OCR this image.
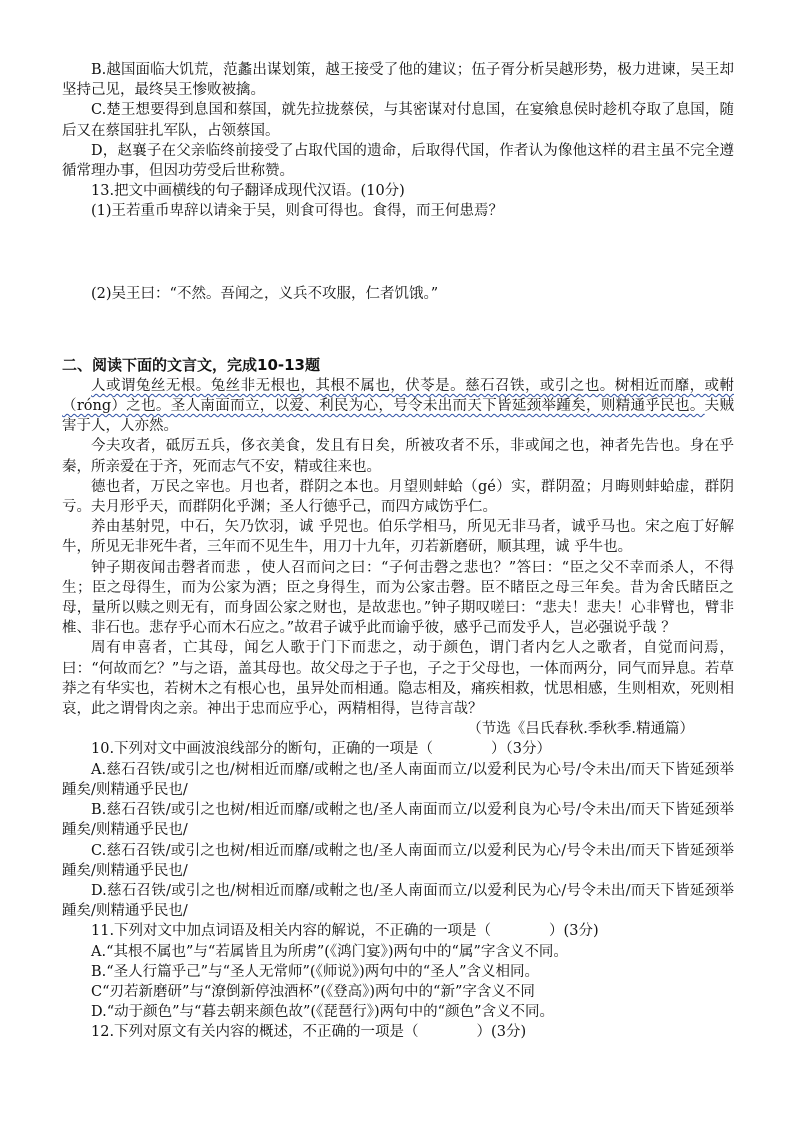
B.越国面临大饥荒，范蠡出谋划策，越王接受了他的建议；伍子胥分析吴越形势，极力进谏，吴王却坚持己见，最终吴王惨败被擒。

C.楚王想要得到息国和蔡国，就先拉拢蔡侯，与其密谋对付息国，在宴飨息侯时趁机夺取了息国，随后又在蔡国驻扎军队，占领蔡国。

D，赵襄子在父亲临终前接受了占取代国的遗命，后取得代国，作者认为像他这样的君主虽不完全遵循常理办事，但因功劳受后世称赞。

13.把文中画横线的句子翻译成现代汉语。(10分)

(1)王若重币卑辞以请籴于吴，则食可得也。食得，而王何患焉？

(2)吴王曰：“不然。吾闻之，义兵不攻服，仁者饥饿。”

二、阅读下面的文言文，完成10-13题

人或谓兔丝无根。兔丝非无根也，其根不属也，伏苓是。慈石召铁，或引之也。树相近而靡，或軵（róng）之也。圣人南面而立，以爱、利民为心，号令未出而天下皆延颈举踵矣，则精通乎民也。夫贼害于人，人亦然。

今夫攻者，砥厉五兵，侈衣美食，发且有日矣，所被攻者不乐，非或闻之也，神者先告也。身在乎秦，所亲爱在于齐，死而志气不安，精或往来也。

德也者，万民之宰也。月也者，群阴之本也。月望则蚌蛤（gé）实，群阴盈；月晦则蚌蛤虚，群阴亏。夫月形乎天，而群阴化乎渊；圣人行德乎己，而四方咸饬乎仁。

养由基射兕，中石，矢乃饮羽，诚 乎兕也。伯乐学相马，所见无非马者，诚乎马也。宋之庖丁好解牛，所见无非死牛者，三年而不见生牛，用刀十九年，刃若新磨研，顺其理，诚 乎牛也。

钟子期夜闻击磬者而悲 ，使人召而问之曰：“子何击磬之悲也？”答曰：“臣之父不幸而杀人，不得生；臣之母得生，而为公家为酒；臣之身得生，而为公家击磬。臣不睹臣之母三年矣。昔为舍氏睹臣之母，量所以赎之则无有，而身固公家之财也，是故悲也。”钟子期叹嗟曰：“悲夫！悲夫！心非臂也，臂非椎、非石也。悲存乎心而木石应之。”故君子诚乎此而谕乎彼，感乎己而发乎人，岂必强说乎哉 ？

周有申喜者，亡其母，闻乞人歌于门下而悲之，动于颜色，谓门者内乞人之歌者，自觉而问焉，曰：“何故而乞？”与之语，盖其母也。故父母之于子也，子之于父母也，一体而两分，同气而异息。若草莽之有华实也，若树木之有根心也，虽异处而相通。隐志相及，痛疾相救，忧思相感，生则相欢，死则相哀，此之谓骨肉之亲。神出于忠而应乎心，两精相得，岂待言哉？

（节选《吕氏春秋.季秋季.精通篇）

10.下列对文中画波浪线部分的断句，正确的一项是（　　　　）（3分）

A.慈石召铁/或引之也/树相近而靡/或軵之也/圣人南面而立/以爱利民为心号/令未出/而天下皆延颈举踵矣/则精通乎民也/

B.慈石召铁/或引之也树/相近而靡/或軵之也/圣人南面而立/以爱利良为心号/令未出/而天下皆延颈举踵矣/则精通乎民也/

C.慈石召铁/或引之也树/相近而靡/或軵之也/圣人南面而立/以爱利民为心/号令未出/而天下皆延颈举踵矣/则精通乎民也/

D.慈石召铁/或引之也/树相近而靡/或軵之也/圣人南面而立/以爱利民为心/号令未出/而天下皆延颈举踵矣/则精通乎民也/

11.下列对文中加点词语及相关内容的解说，不正确的一项是（　　　　）(3分)

A.“其根不属也”与“若属皆且为所虏”(《鸿门宴》)两句中的“属”字含义不同。

B.“圣人行篇乎己”与“圣人无常师”(《师说》)两句中的“圣人”含义相同。

C“刃若新磨研”与“潦倒新停浊酒杯”(《登高》)两句中的“新”字含义不同

D.“动于颜色”与“暮去朝来颜色故”(《琵琶行》)两句中的“颜色”含义不同。

12.下列对原文有关内容的概述，不正确的一项是（　　　　）(3分)
